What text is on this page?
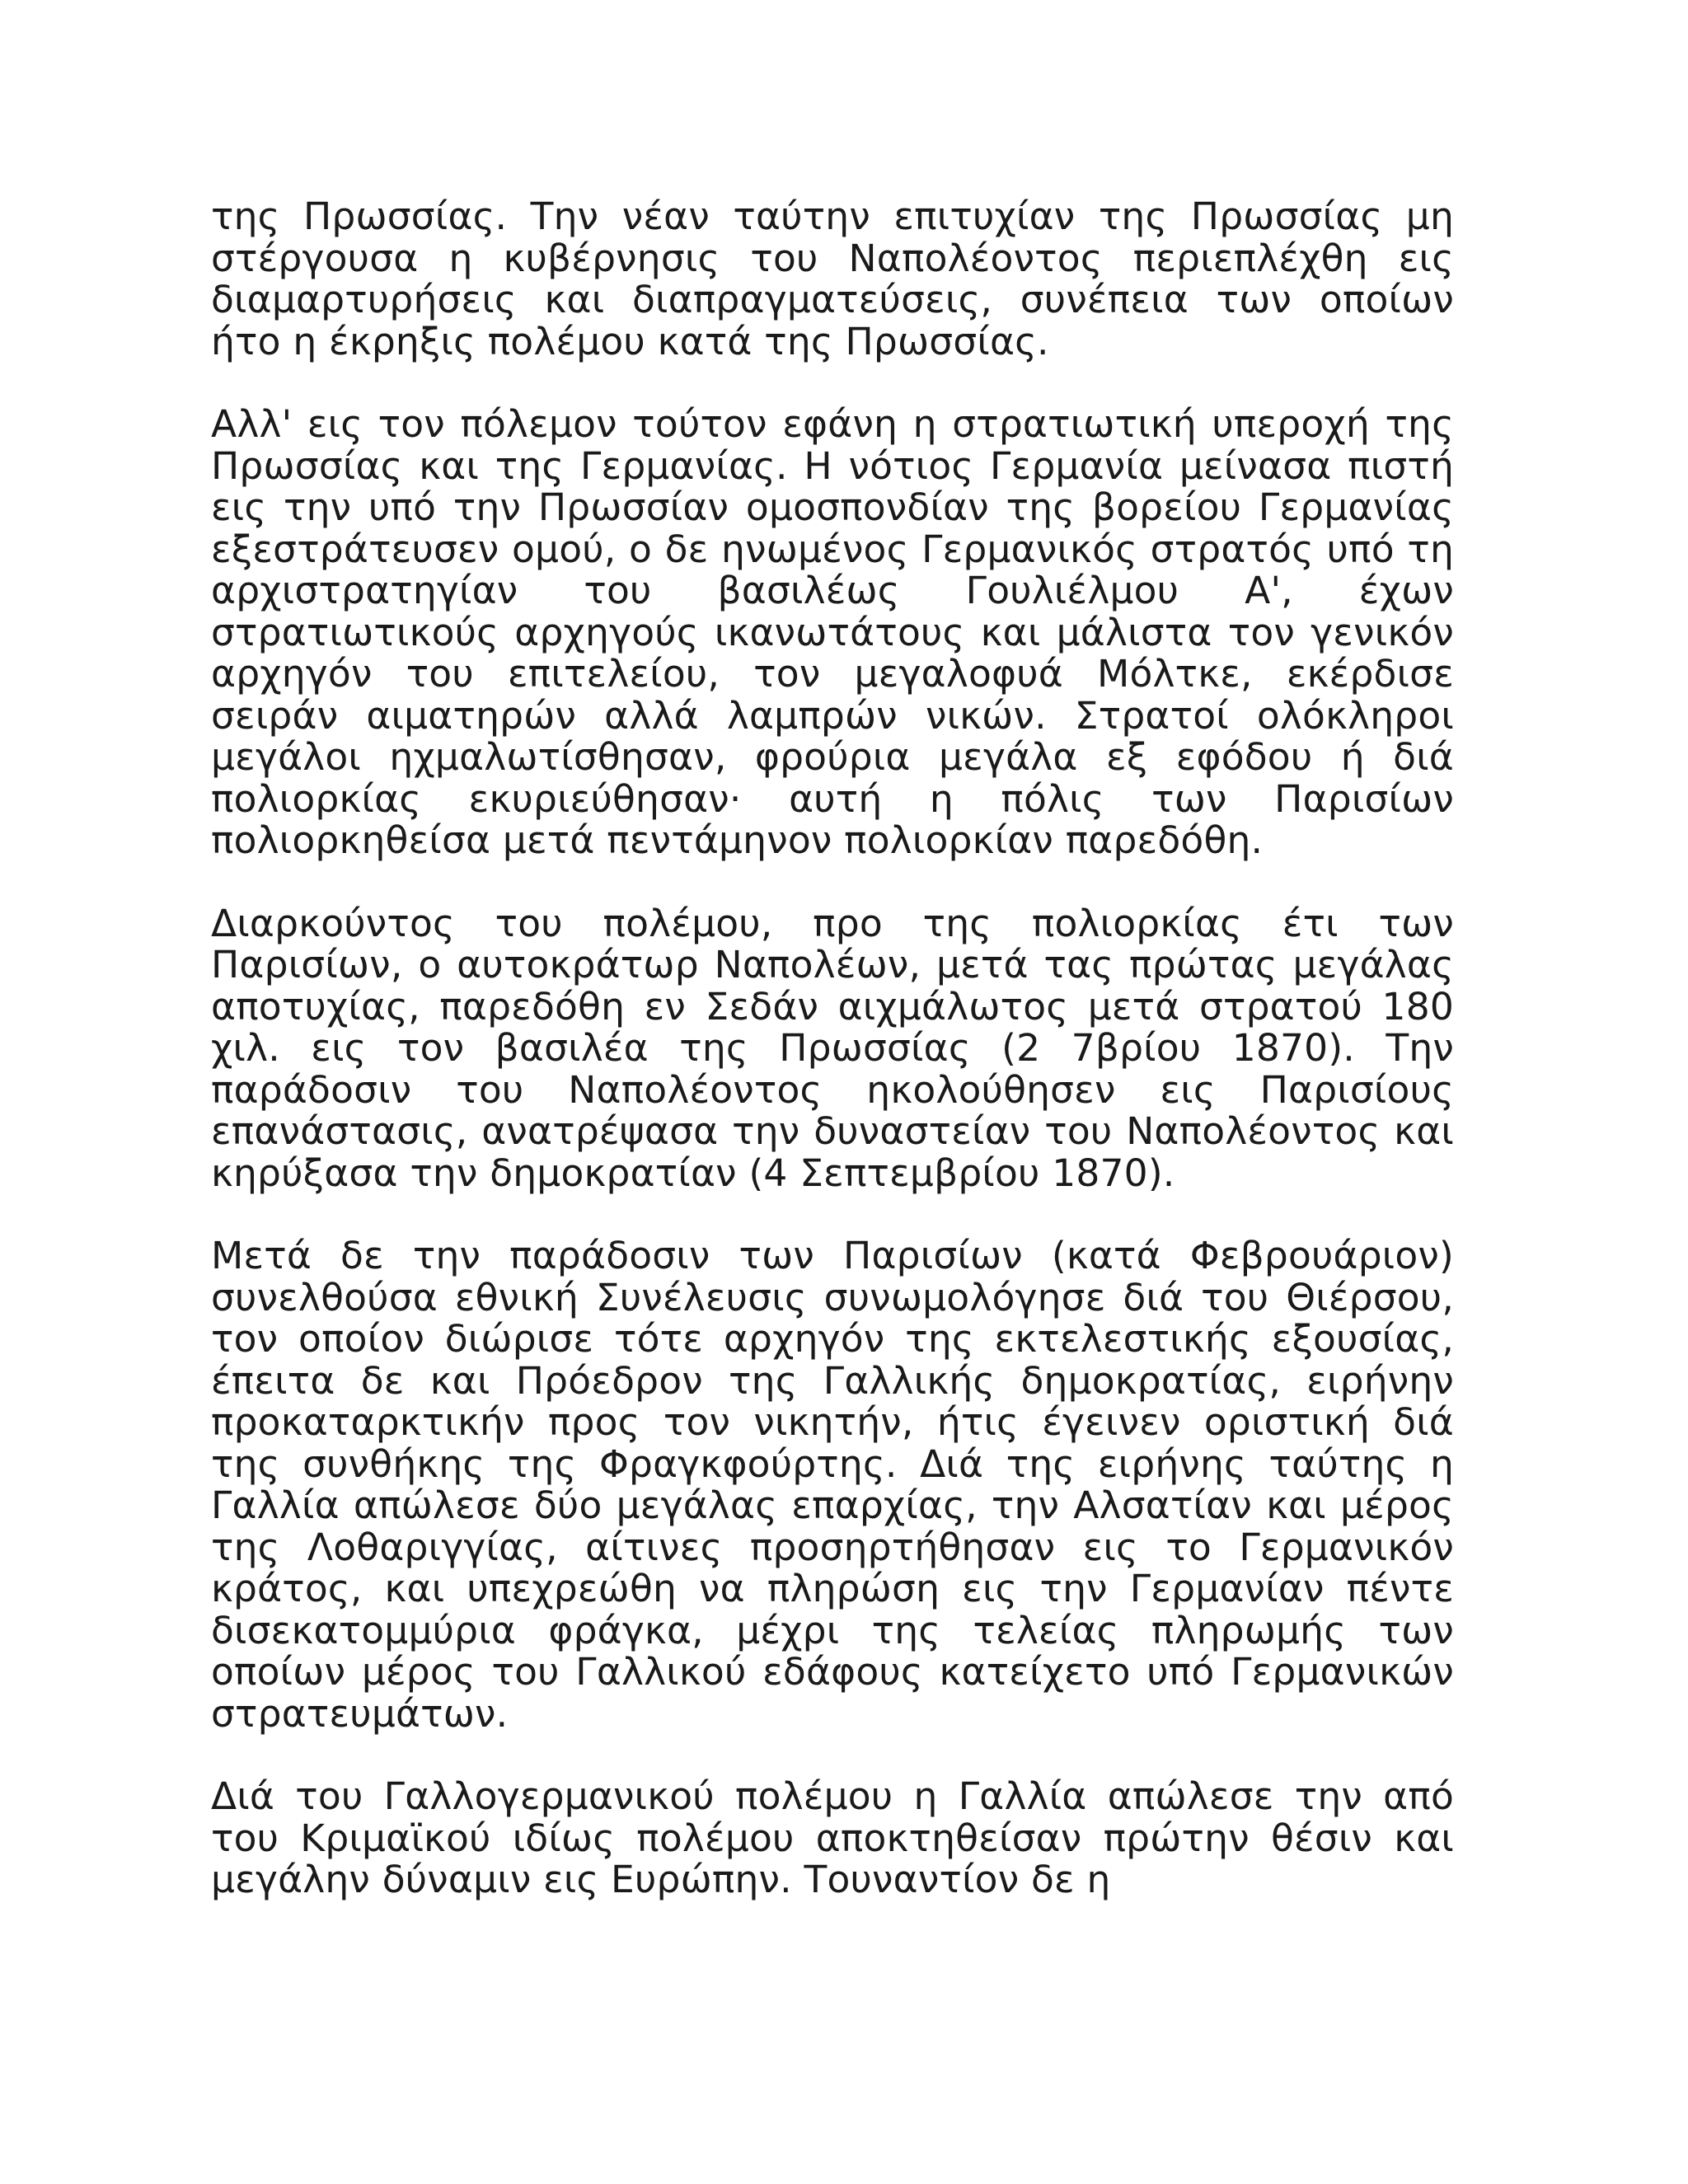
της Πρωσσίας. Την νέαν ταύτην επιτυχίαν της Πρωσσίας μη στέργουσα η κυβέρνησις του Ναπολέοντος περιεπλέχθη εις διαμαρτυρήσεις και διαπραγματεύσεις, συνέπεια των οποίων ήτο η έκρηξις πολέμου κατά της Πρωσσίας.

Αλλ' εις τον πόλεμον τούτον εφάνη η στρατιωτική υπεροχή της Πρωσσίας και της Γερμανίας. Η νότιος Γερμανία μείνασα πιστή εις την υπό την Πρωσσίαν ομοσπονδίαν της βορείου Γερμανίας εξεστράτευσεν ομού, ο δε ηνωμένος Γερμανικός στρατός υπό τη αρχιστρατηγίαν του βασιλέως Γουλιέλμου Α', έχων στρατιωτικούς αρχηγούς ικανωτάτους και μάλιστα τον γενικόν αρχηγόν του επιτελείου, τον μεγαλοφυά Μόλτκε, εκέρδισε σειράν αιματηρών αλλά λαμπρών νικών. Στρατοί ολόκληροι μεγάλοι ηχμαλωτίσθησαν, φρούρια μεγάλα εξ εφόδου ή διά πολιορκίας εκυριεύθησαν· αυτή η πόλις των Παρισίων πολιορκηθείσα μετά πεντάμηνον πολιορκίαν παρεδόθη.

Διαρκούντος του πολέμου, προ της πολιορκίας έτι των Παρισίων, ο αυτοκράτωρ Ναπολέων, μετά τας πρώτας μεγάλας αποτυχίας, παρεδόθη εν Σεδάν αιχμάλωτος μετά στρατού 180 χιλ. εις τον βασιλέα της Πρωσσίας (2 7βρίου 1870). Την παράδοσιν του Ναπολέοντος ηκολούθησεν εις Παρισίους επανάστασις, ανατρέψασα την δυναστείαν του Ναπολέοντος και κηρύξασα την δημοκρατίαν (4 Σεπτεμβρίου 1870).

Μετά δε την παράδοσιν των Παρισίων (κατά Φεβρουάριον) συνελθούσα εθνική Συνέλευσις συνωμολόγησε διά του Θιέρσου, τον οποίον διώρισε τότε αρχηγόν της εκτελεστικής εξουσίας, έπειτα δε και Πρόεδρον της Γαλλικής δημοκρατίας, ειρήνην προκαταρκτικήν προς τον νικητήν, ήτις έγεινεν οριστική διά της συνθήκης της Φραγκφούρτης. Διά της ειρήνης ταύτης η Γαλλία απώλεσε δύο μεγάλας επαρχίας, την Αλσατίαν και μέρος της Λοθαριγγίας, αίτινες προσηρτήθησαν εις το Γερμανικόν κράτος, και υπεχρεώθη να πληρώση εις την Γερμανίαν πέντε δισεκατομμύρια φράγκα, μέχρι της τελείας πληρωμής των οποίων μέρος του Γαλλικού εδάφους κατείχετο υπό Γερμανικών στρατευμάτων.

Διά του Γαλλογερμανικού πολέμου η Γαλλία απώλεσε την από του Κριμαϊκού ιδίως πολέμου αποκτηθείσαν πρώτην θέσιν και μεγάλην δύναμιν εις Ευρώπην. Τουναντίον δε η
